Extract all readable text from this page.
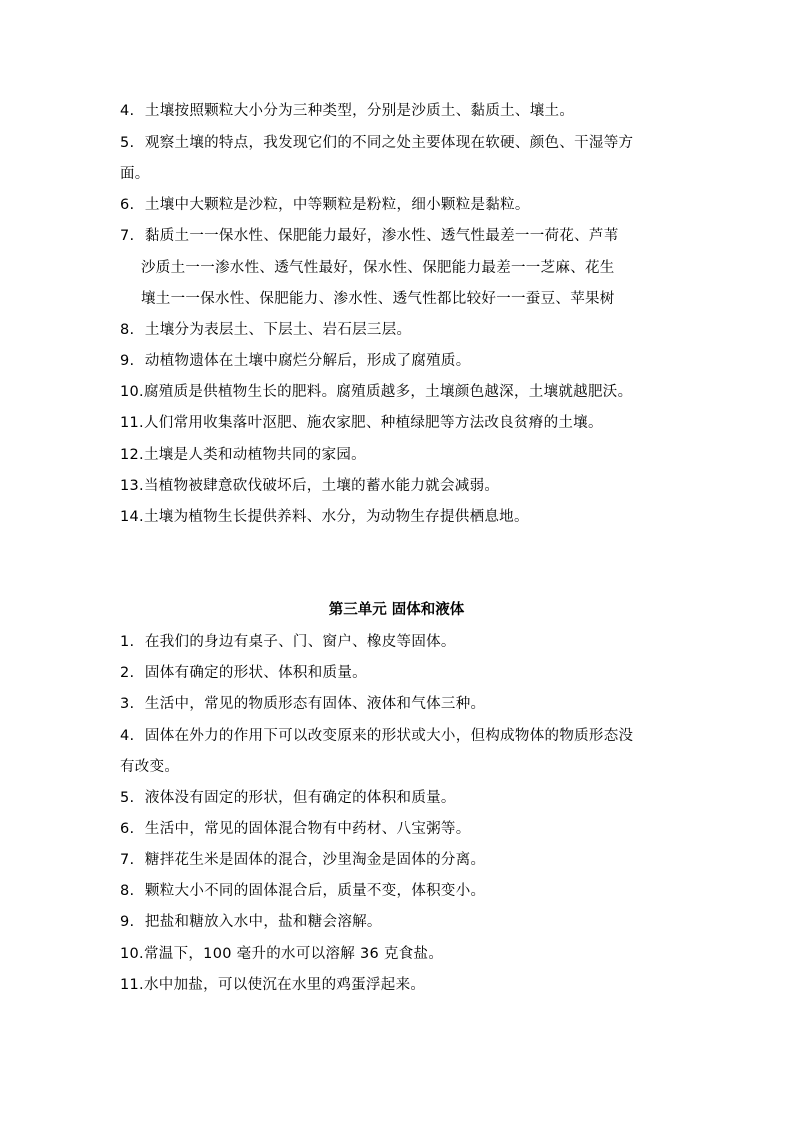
4. 土壤按照颗粒大小分为三种类型，分别是沙质土、黏质土、壤土。
5. 观察土壤的特点，我发现它们的不同之处主要体现在软硬、颜色、干湿等方
面。
6. 土壤中大颗粒是沙粒，中等颗粒是粉粒，细小颗粒是黏粒。
7. 黏质土一一保水性、保肥能力最好，渗水性、透气性最差一一荷花、芦苇
沙质土一一渗水性、透气性最好，保水性、保肥能力最差一一芝麻、花生
壤土一一保水性、保肥能力、渗水性、透气性都比较好一一蚕豆、苹果树
8. 土壤分为表层土、下层土、岩石层三层。
9. 动植物遗体在土壤中腐烂分解后，形成了腐殖质。
10.腐殖质是供植物生长的肥料。腐殖质越多，土壤颜色越深，土壤就越肥沃。
11.人们常用收集落叶沤肥、施农家肥、种植绿肥等方法改良贫瘠的土壤。
12.土壤是人类和动植物共同的家园。
13.当植物被肆意砍伐破坏后，土壤的蓄水能力就会减弱。
14.土壤为植物生长提供养料、水分，为动物生存提供栖息地。
第三单元 固体和液体
1. 在我们的身边有桌子、门、窗户、橡皮等固体。
2. 固体有确定的形状、体积和质量。
3. 生活中，常见的物质形态有固体、液体和气体三种。
4. 固体在外力的作用下可以改变原来的形状或大小，但构成物体的物质形态没
有改变。
5. 液体没有固定的形状，但有确定的体积和质量。
6. 生活中，常见的固体混合物有中药材、八宝粥等。
7. 糖拌花生米是固体的混合，沙里淘金是固体的分离。
8. 颗粒大小不同的固体混合后，质量不变，体积变小。
9. 把盐和糖放入水中，盐和糖会溶解。
10.常温下，100 毫升的水可以溶解 36 克食盐。
11.水中加盐，可以使沉在水里的鸡蛋浮起来。
